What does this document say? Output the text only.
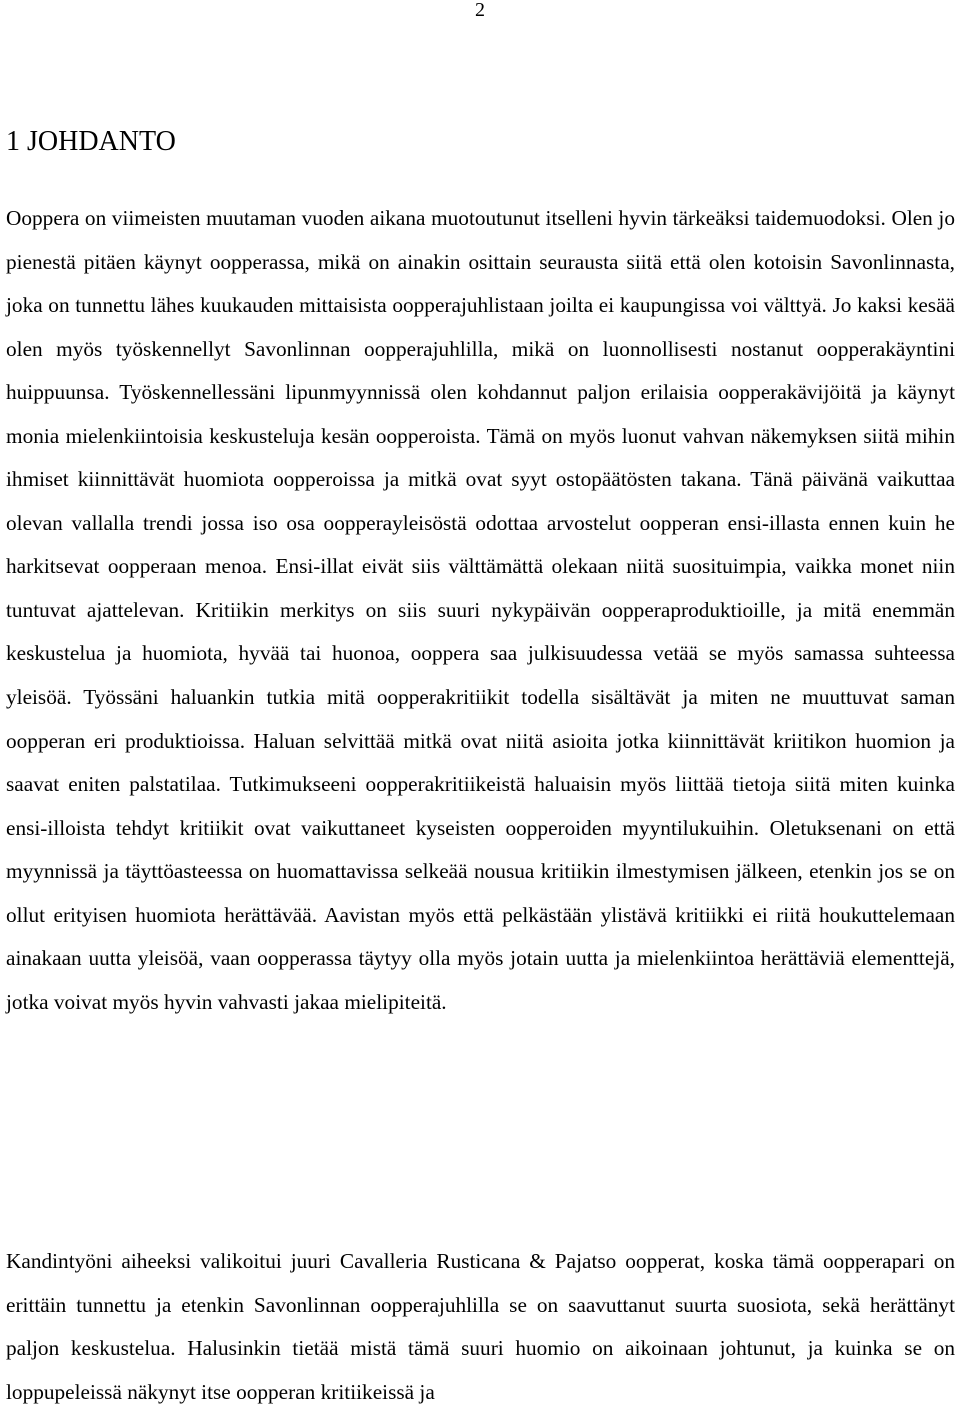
2
1 JOHDANTO

Ooppera on viimeisten muutaman vuoden aikana muotoutunut itselleni hyvin tärkeäksi taidemuodoksi. Olen jo pienestä pitäen käynyt oopperassa, mikä on ainakin osittain seurausta siitä että olen kotoisin Savonlinnasta, joka on tunnettu lähes kuukauden mittaisista oopperajuhlistaan joilta ei kaupungissa voi välttyä. Jo kaksi kesää olen myös työskennellyt Savonlinnan oopperajuhlilla, mikä on luonnollisesti nostanut oopperakäyntini huippuunsa. Työskennellessäni lipunmyynnissä olen kohdannut paljon erilaisia oopperakävijöitä ja käynyt monia mielenkiintoisia keskusteluja kesän oopperoista. Tämä on myös luonut vahvan näkemyksen siitä mihin ihmiset kiinnittävät huomiota oopperoissa ja mitkä ovat syyt ostopäätösten takana. Tänä päivänä vaikuttaa olevan vallalla trendi jossa iso osa oopperayleisöstä odottaa arvostelut oopperan ensi-illasta ennen kuin he harkitsevat oopperaan menoa. Ensi-illat eivät siis välttämättä olekaan niitä suosituimpia, vaikka monet niin tuntuvat ajattelevan. Kritiikin merkitys on siis suuri nykypäivän oopperaproduktioille, ja mitä enemmän keskustelua ja huomiota, hyvää tai huonoa, ooppera saa julkisuudessa vetää se myös samassa suhteessa yleisöä. Työssäni haluankin tutkia mitä oopperakritiikit todella sisältävät ja miten ne muuttuvat saman oopperan eri produktioissa. Haluan selvittää mitkä ovat niitä asioita jotka kiinnittävät kriitikon huomion ja saavat eniten palstatilaa. Tutkimukseeni oopperakritiikeistä haluaisin myös liittää tietoja siitä miten kuinka ensi-illoista tehdyt kritiikit ovat vaikuttaneet kyseisten oopperoiden myyntilukuihin. Oletuksenani on että myynnissä ja täyttöasteessa on huomattavissa selkeää nousua kritiikin ilmestymisen jälkeen, etenkin jos se on ollut erityisen huomiota herättävää. Aavistan myös että pelkästään ylistävä kritiikki ei riitä houkuttelemaan ainakaan uutta yleisöä, vaan oopperassa täytyy olla myös jotain uutta ja mielenkiintoa herättäviä elementtejä, jotka voivat myös hyvin vahvasti jakaa mielipiteitä.

Kandintyöni aiheeksi valikoitui juuri Cavalleria Rusticana & Pajatso oopperat, koska tämä oopperapari on erittäin tunnettu ja etenkin Savonlinnan oopperajuhlilla se on saavuttanut suurta suosiota, sekä herättänyt paljon keskustelua. Halusinkin tietää mistä tämä suuri huomio on aikoinaan johtunut, ja kuinka se on loppupeleissä näkynyt itse oopperan kritiikeissä ja
